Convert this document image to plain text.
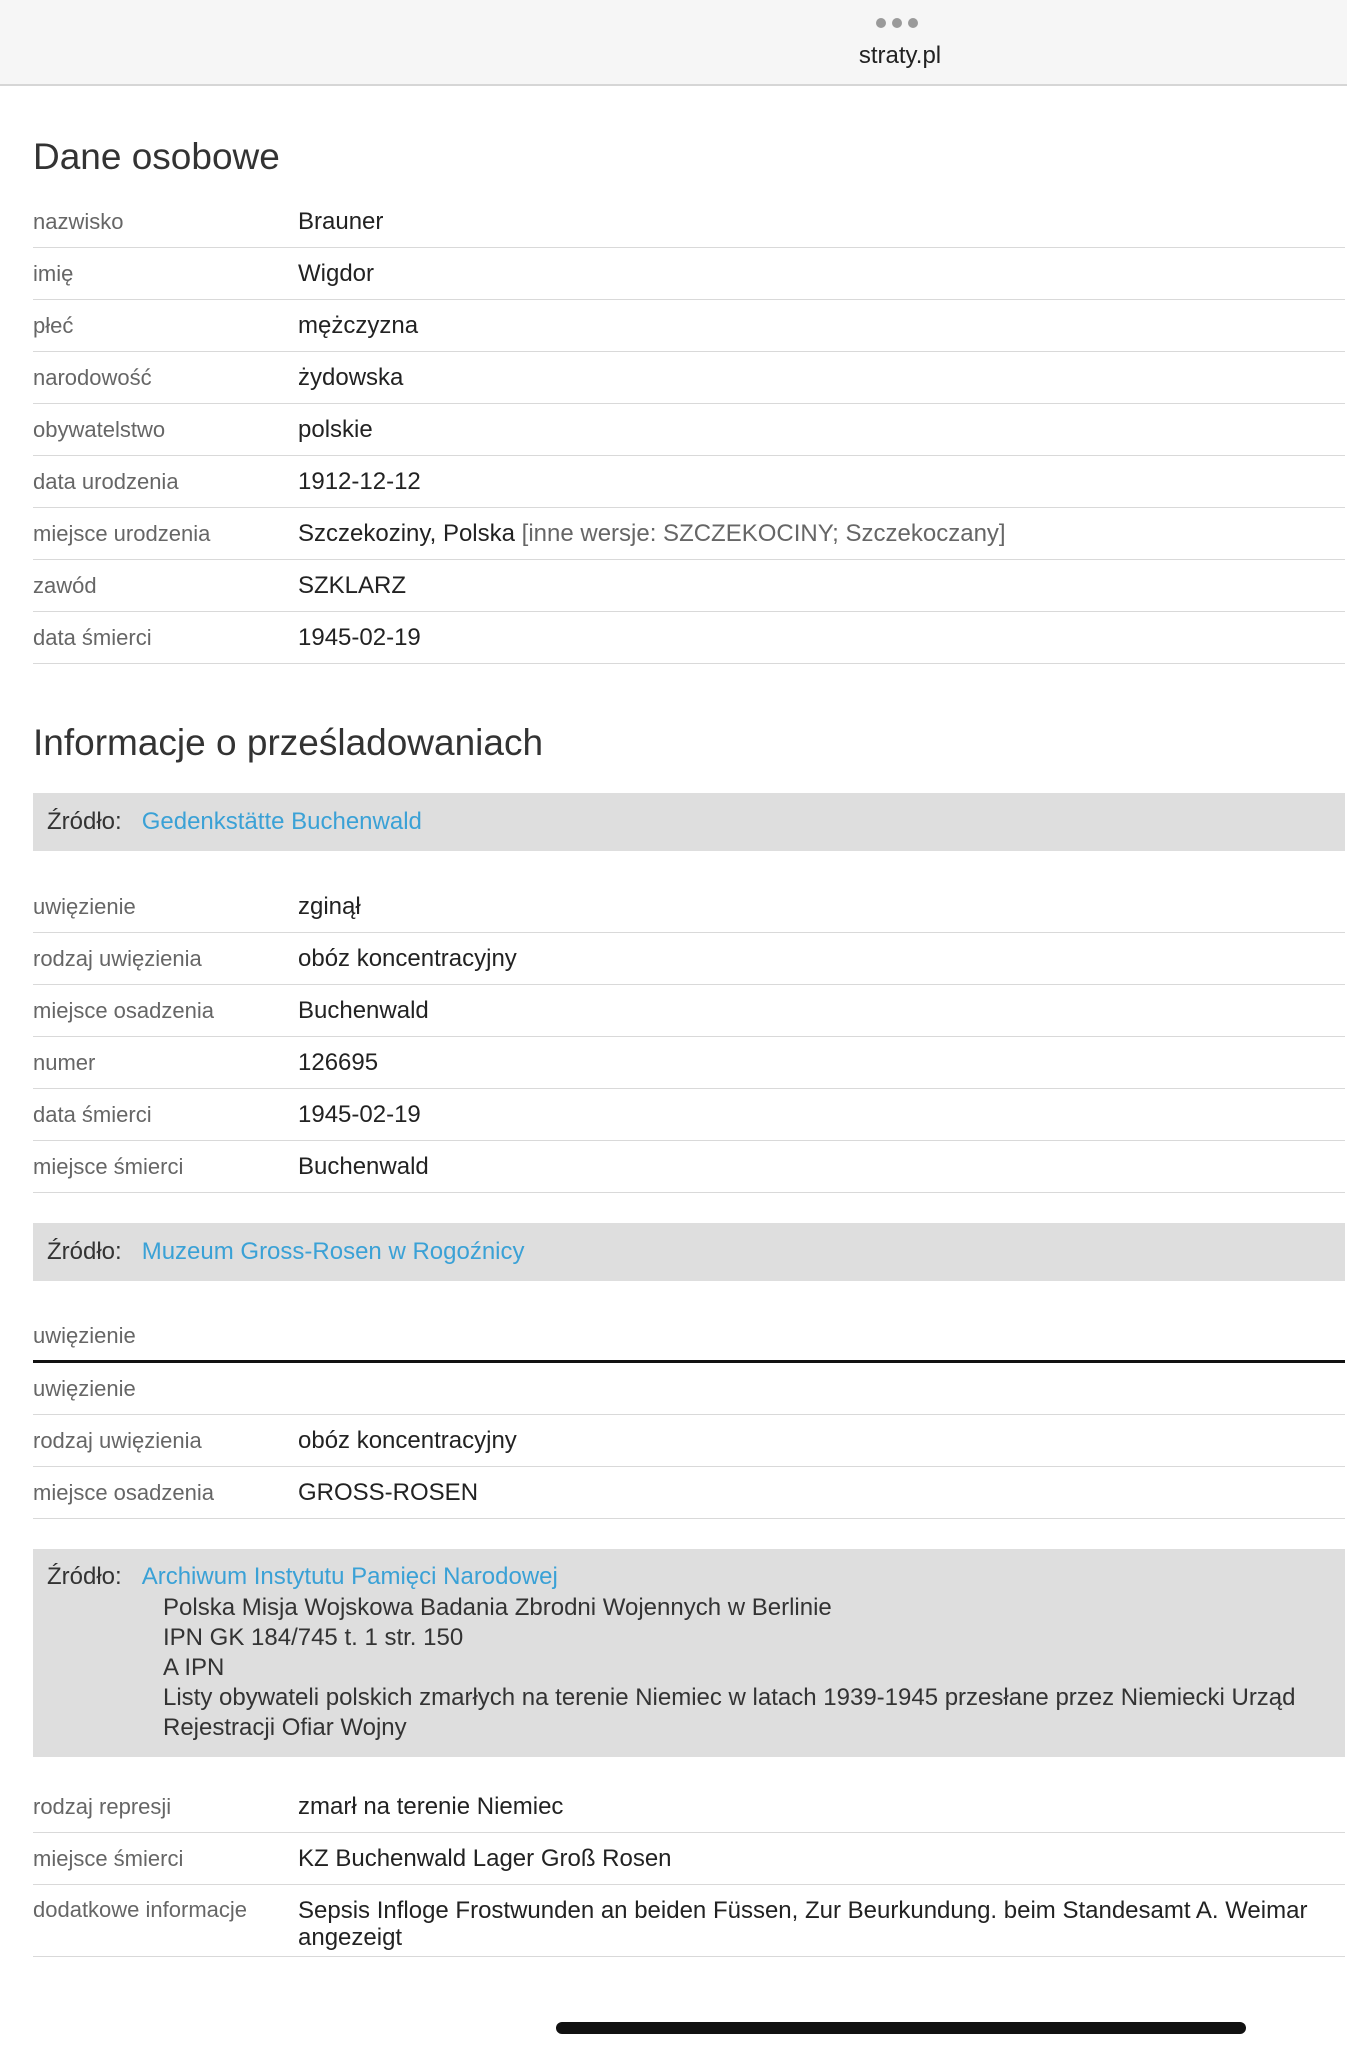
straty.pl
Dane osobowe
nazwisko	Brauner
imię	Wigdor
płeć	mężczyzna
narodowość	żydowska
obywatelstwo	polskie
data urodzenia	1912-12-12
miejsce urodzenia	Szczekoziny, Polska [inne wersje: SZCZEKOCINY; Szczekoczany]
zawód	SZKLARZ
data śmierci	1945-02-19
Informacje o prześladowaniach
Źródło: Gedenkstätte Buchenwald
uwięzienie	zginął
rodzaj uwięzienia	obóz koncentracyjny
miejsce osadzenia	Buchenwald
numer	126695
data śmierci	1945-02-19
miejsce śmierci	Buchenwald
Źródło: Muzeum Gross-Rosen w Rogoźnicy
uwięzienie
uwięzienie
rodzaj uwięzienia	obóz koncentracyjny
miejsce osadzenia	GROSS-ROSEN
Źródło: Archiwum Instytutu Pamięci Narodowej
Polska Misja Wojskowa Badania Zbrodni Wojennych w Berlinie
IPN GK 184/745 t. 1 str. 150
A IPN
Listy obywateli polskich zmarłych na terenie Niemiec w latach 1939-1945 przesłane przez Niemiecki Urząd Rejestracji Ofiar Wojny
rodzaj represji	zmarł na terenie Niemiec
miejsce śmierci	KZ Buchenwald Lager Groß Rosen
dodatkowe informacje	Sepsis Infloge Frostwunden an beiden Füssen, Zur Beurkundung. beim Standesamt A. Weimar angezeigt
